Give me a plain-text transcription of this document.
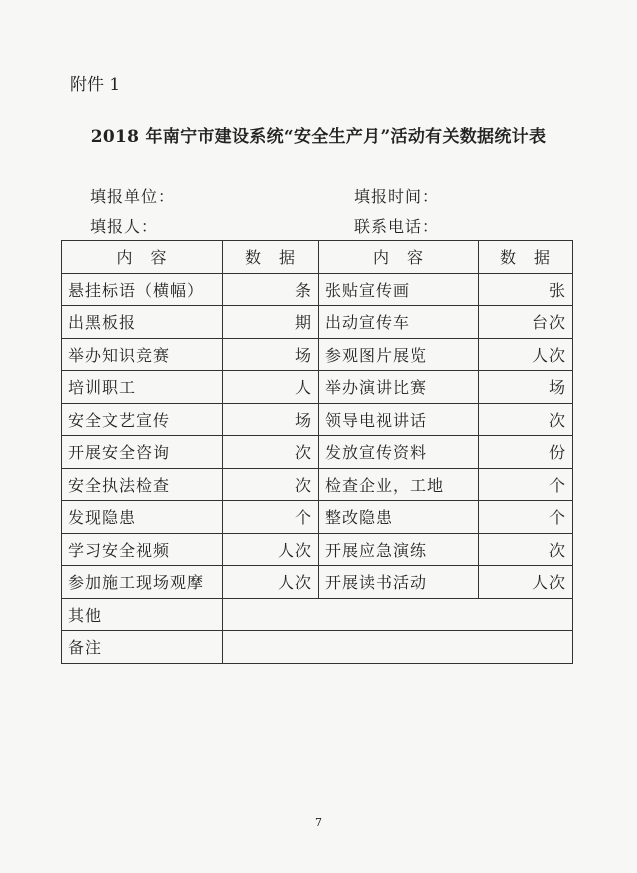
附件 1
2018 年南宁市建设系统“安全生产月”活动有关数据统计表
填报单位：	填报时间：
填报人：	联系电话：
内　容	数　据	内　容	数　据
悬挂标语（横幅）	条	张贴宣传画	张
出黑板报	期	出动宣传车	台次
举办知识竞赛	场	参观图片展览	人次
培训职工	人	举办演讲比赛	场
安全文艺宣传	场	领导电视讲话	次
开展安全咨询	次	发放宣传资料	份
安全执法检查	次	检查企业，工地	个
发现隐患	个	整改隐患	个
学习安全视频	人次	开展应急演练	次
参加施工现场观摩	人次	开展读书活动	人次
其他			
备注			
7
